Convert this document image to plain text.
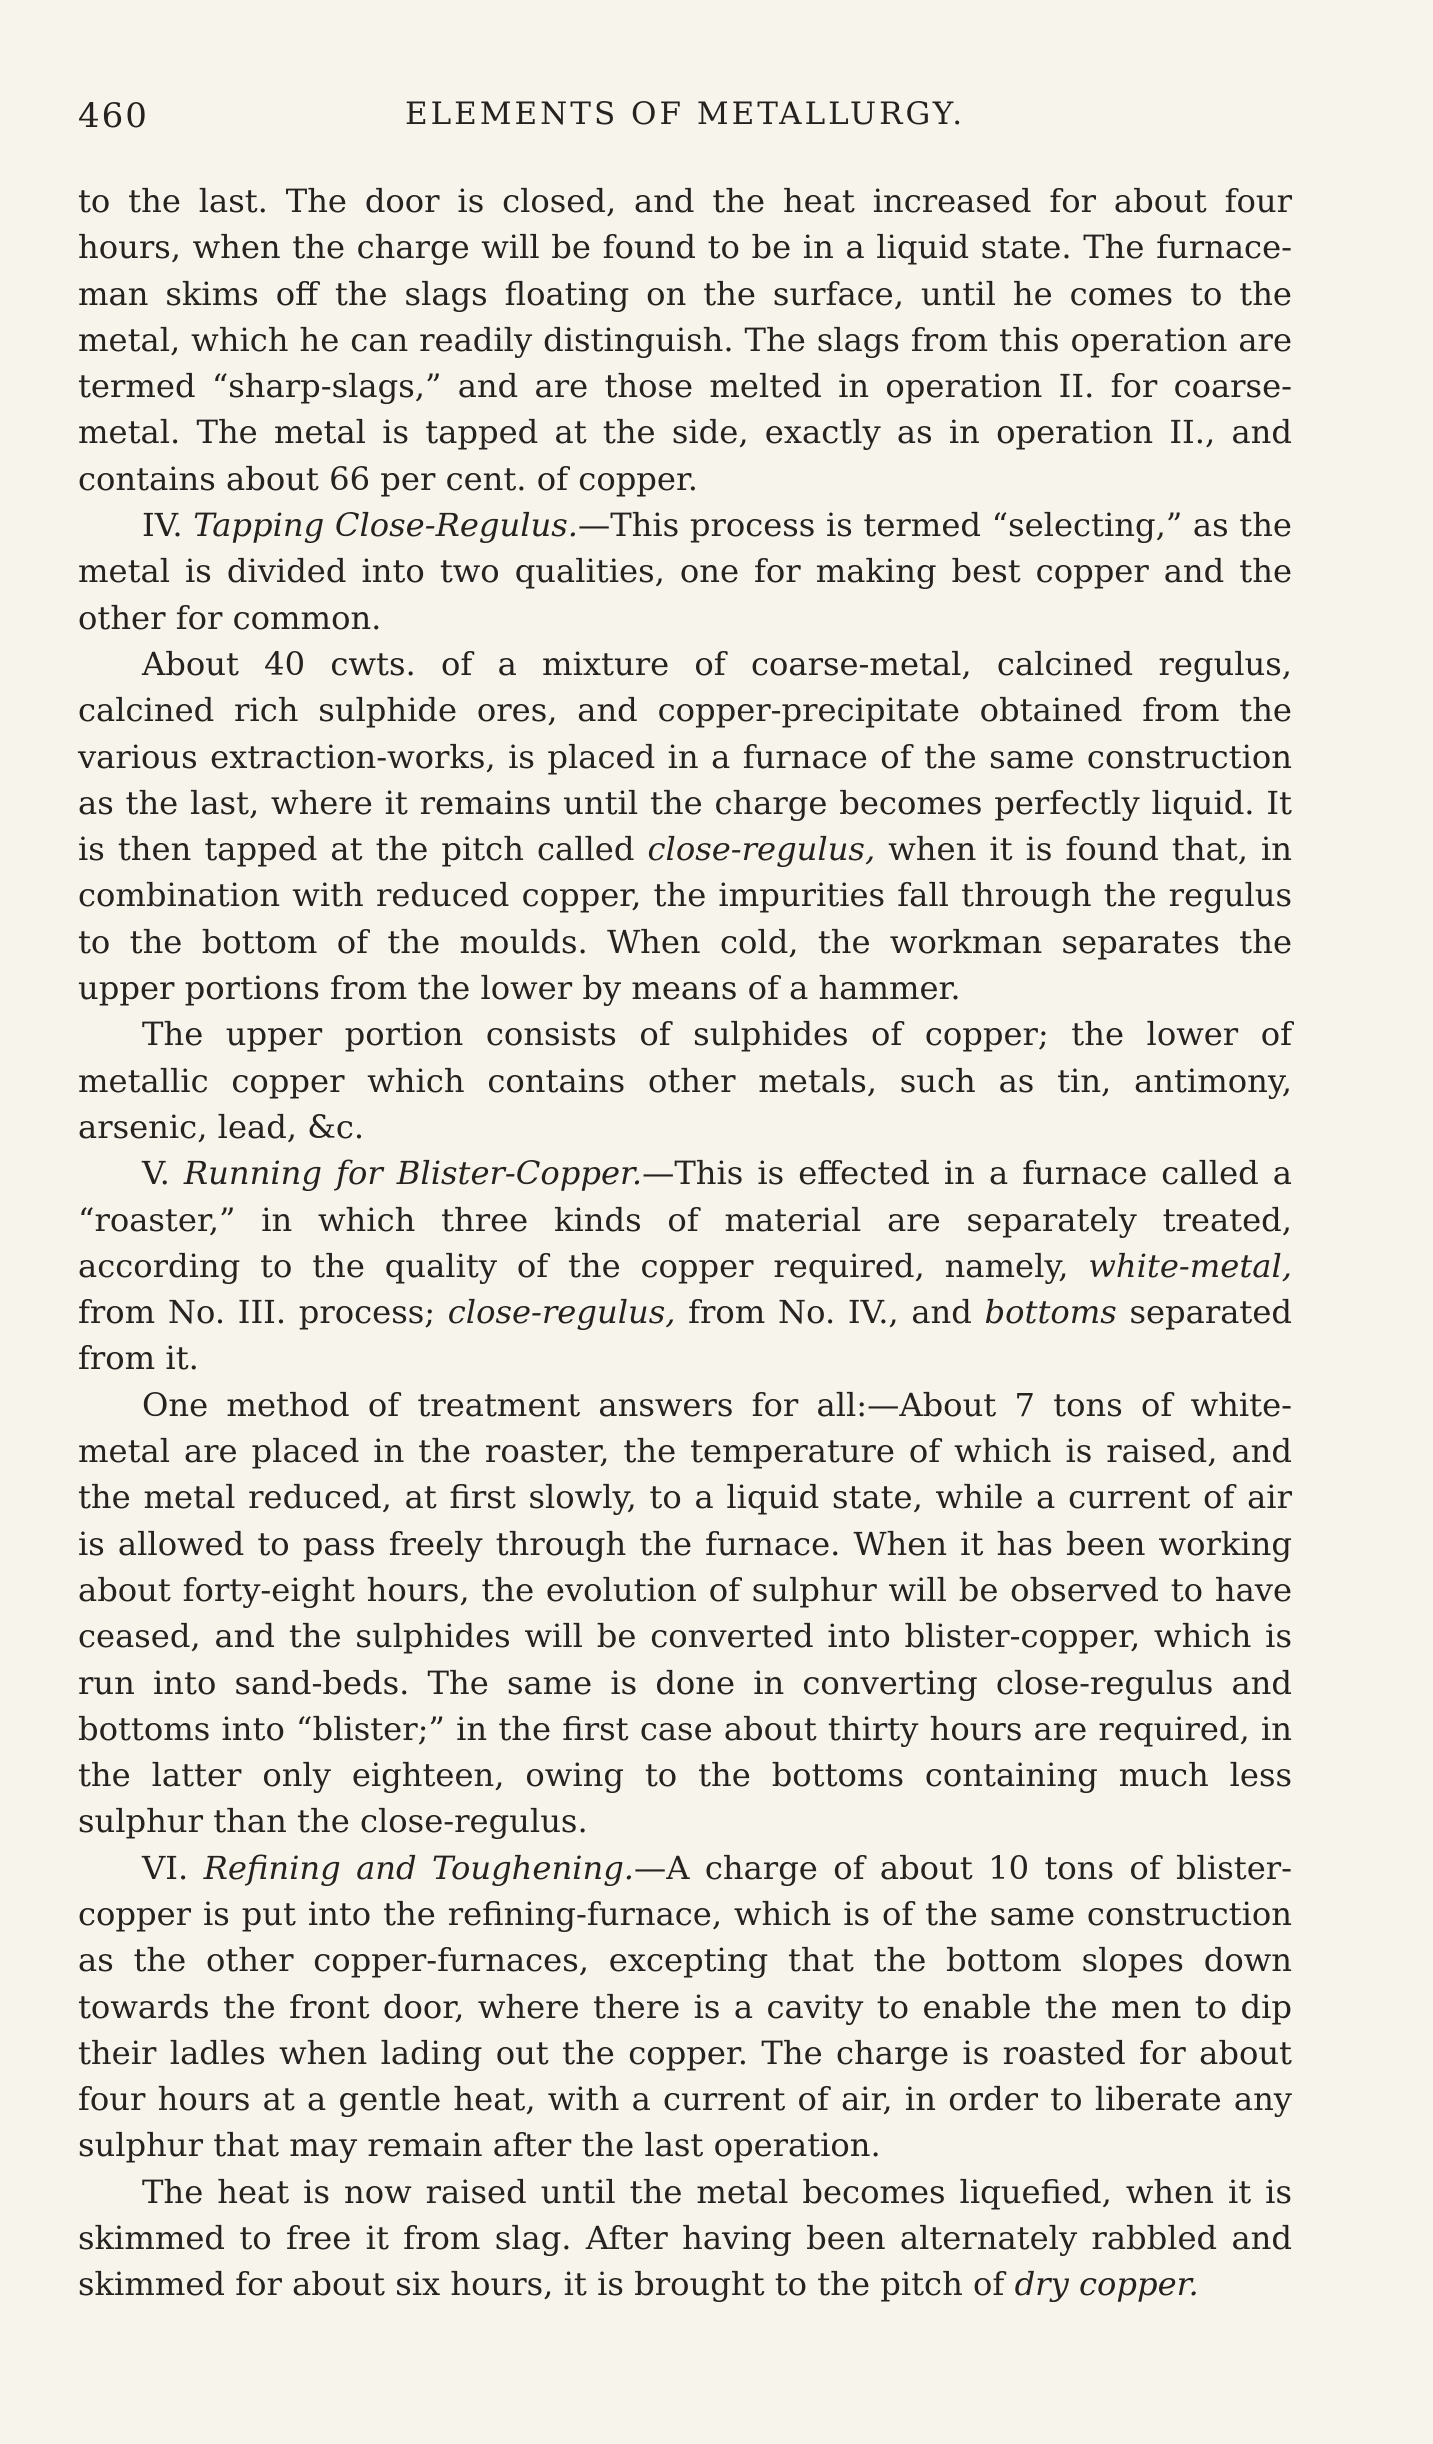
460	ELEMENTS OF METALLURGY.

to the last. The door is closed, and the heat increased for about four hours, when the charge will be found to be in a liquid state. The furnace-man skims off the slags floating on the surface, until he comes to the metal, which he can readily distinguish. The slags from this operation are termed “sharp-slags,” and are those melted in operation II. for coarse-metal. The metal is tapped at the side, exactly as in operation II., and contains about 66 per cent. of copper.

IV. Tapping Close-Regulus.—This process is termed “selecting,” as the metal is divided into two qualities, one for making best copper and the other for common.

About 40 cwts. of a mixture of coarse-metal, calcined regulus, calcined rich sulphide ores, and copper-precipitate obtained from the various extraction-works, is placed in a furnace of the same construction as the last, where it remains until the charge becomes perfectly liquid. It is then tapped at the pitch called close-regulus, when it is found that, in combination with reduced copper, the impurities fall through the regulus to the bottom of the moulds. When cold, the workman separates the upper portions from the lower by means of a hammer.

The upper portion consists of sulphides of copper; the lower of metallic copper which contains other metals, such as tin, antimony, arsenic, lead, &c.

V. Running for Blister-Copper.—This is effected in a furnace called a “roaster,” in which three kinds of material are separately treated, according to the quality of the copper required, namely, white-metal, from No. III. process; close-regulus, from No. IV., and bottoms separated from it.

One method of treatment answers for all:—About 7 tons of white-metal are placed in the roaster, the temperature of which is raised, and the metal reduced, at first slowly, to a liquid state, while a current of air is allowed to pass freely through the furnace. When it has been working about forty-eight hours, the evolution of sulphur will be observed to have ceased, and the sulphides will be converted into blister-copper, which is run into sand-beds. The same is done in converting close-regulus and bottoms into “blister;” in the first case about thirty hours are required, in the latter only eighteen, owing to the bottoms containing much less sulphur than the close-regulus.

VI. Refining and Toughening.—A charge of about 10 tons of blister-copper is put into the refining-furnace, which is of the same construction as the other copper-furnaces, excepting that the bottom slopes down towards the front door, where there is a cavity to enable the men to dip their ladles when lading out the copper. The charge is roasted for about four hours at a gentle heat, with a current of air, in order to liberate any sulphur that may remain after the last operation.

The heat is now raised until the metal becomes liquefied, when it is skimmed to free it from slag. After having been alternately rabbled and skimmed for about six hours, it is brought to the pitch of dry copper.
